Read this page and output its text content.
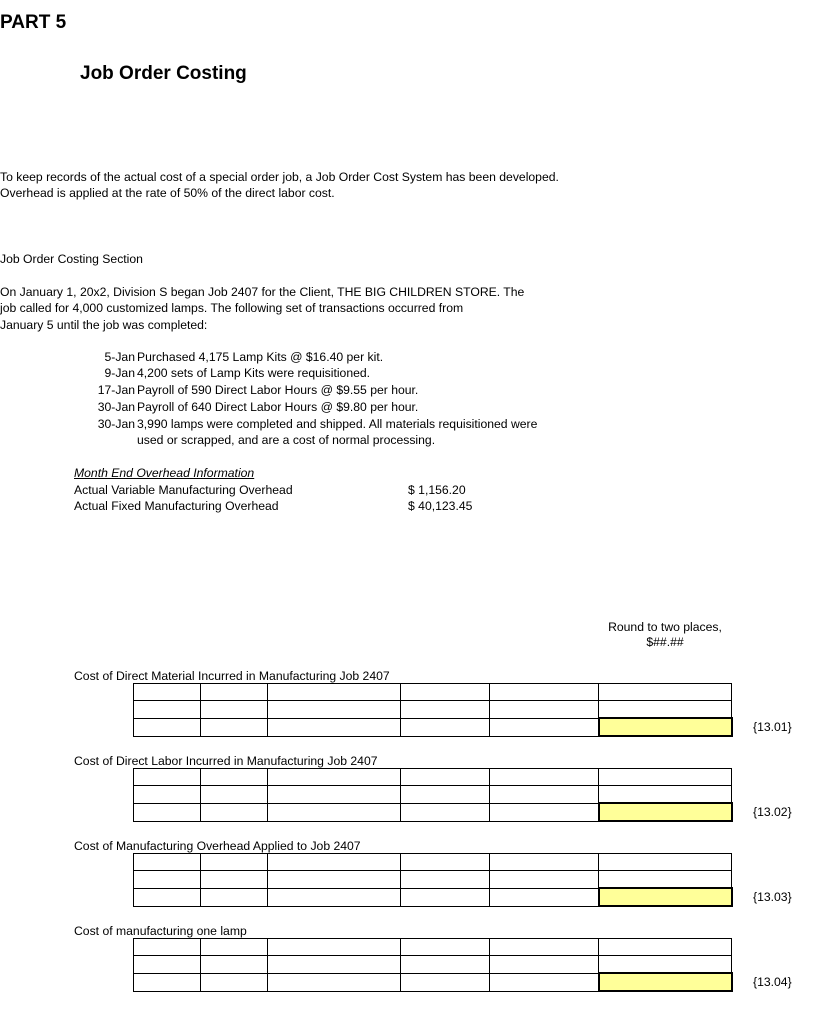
PART 5
Job Order Costing
To keep records of the actual cost of a special order job, a Job Order Cost System has been developed.
Overhead is applied at the rate of 50% of the direct labor cost.
Job Order Costing Section
On January 1, 20x2, Division S began Job 2407 for the Client, THE BIG CHILDREN STORE. The
job called for 4,000 customized lamps. The following set of transactions occurred from
January 5 until the job was completed:
5-Jan Purchased 4,175 Lamp Kits @ $16.40 per kit.
9-Jan 4,200 sets of Lamp Kits were requisitioned.
17-Jan Payroll of 590 Direct Labor Hours @ $9.55 per hour.
30-Jan Payroll of 640 Direct Labor Hours @ $9.80 per hour.
30-Jan 3,990 lamps were completed and shipped. All materials requisitioned were
used or scrapped, and are a cost of normal processing.
Month End Overhead Information
Actual Variable Manufacturing Overhead	$ 1,156.20
Actual Fixed Manufacturing Overhead	$ 40,123.45
Round to two places,
$##.##
Cost of Direct Material Incurred in Manufacturing Job 2407

{13.01}
Cost of Direct Labor Incurred in Manufacturing Job 2407

{13.02}
Cost of Manufacturing Overhead Applied to Job 2407

{13.03}
Cost of manufacturing one lamp

{13.04}
